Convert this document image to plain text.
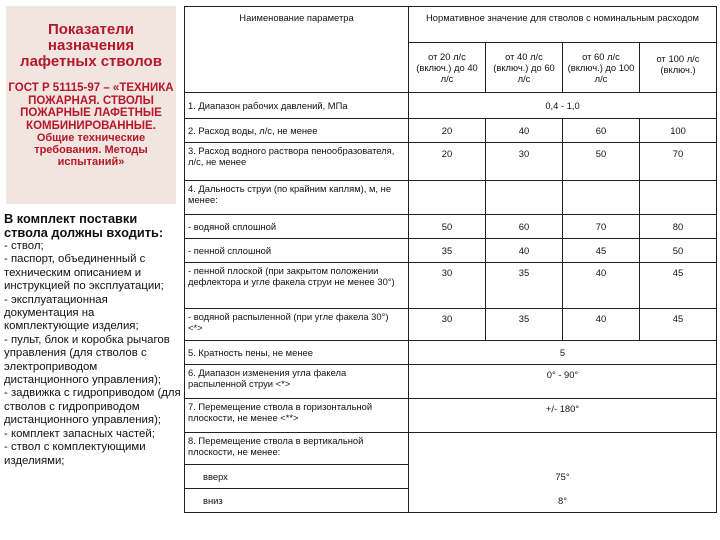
Показатели назначения лафетных стволов
ГОСТ Р 51115-97 – «ТЕХНИКА ПОЖАРНАЯ. СТВОЛЫ ПОЖАРНЫЕ ЛАФЕТНЫЕ КОМБИНИРОВАННЫЕ.
Общие технические требования. Методы испытаний»
В комплект поставки ствола должны входить:
- ствол;
- паспорт, объединенный с техническим описанием и инструкцией по эксплуатации;
- эксплуатационная документация на комплектующие изделия;
- пульт, блок и коробка рычагов управления (для стволов с электроприводом дистанционного управления);
- задвижка с гидроприводом (для стволов с гидроприводом дистанционного управления);
- комплект запасных частей;
- ствол с комплектующими изделиями;
Наименование параметра	Нормативное значение для стволов с номинальным расходом			
	от 20 л/с (включ.) до 40 л/с	от 40 л/с (включ.) до 60 л/с	от 60 л/с (включ.) до 100 л/с	от 100 л/с (включ.)
1. Диапазон рабочих давлений, МПа	0,4 - 1,0			
2. Расход воды, л/с, не менее	20	40	60	100
3. Расход водного раствора пенообразователя, л/с, не менее	20	30	50	70
4. Дальность струи (по крайним каплям), м, не менее:				
- водяной сплошной	50	60	70	80
- пенной сплошной	35	40	45	50
- пенной плоской (при закрытом положении дефлектора и угле факела струи не менее 30°)	30	35	40	45
- водяной распыленной (при угле факела 30°) <*>	30	35	40	45
5. Кратность пены, не менее	5			
6. Диапазон изменения угла факела распыленной струи <*>	0° - 90°			
7. Перемещение ствола в горизонтальной плоскости, не менее <**>	+/- 180°			
8. Перемещение ствола в вертикальной плоскости, не менее:				
вверх	75°			
вниз	8°			
